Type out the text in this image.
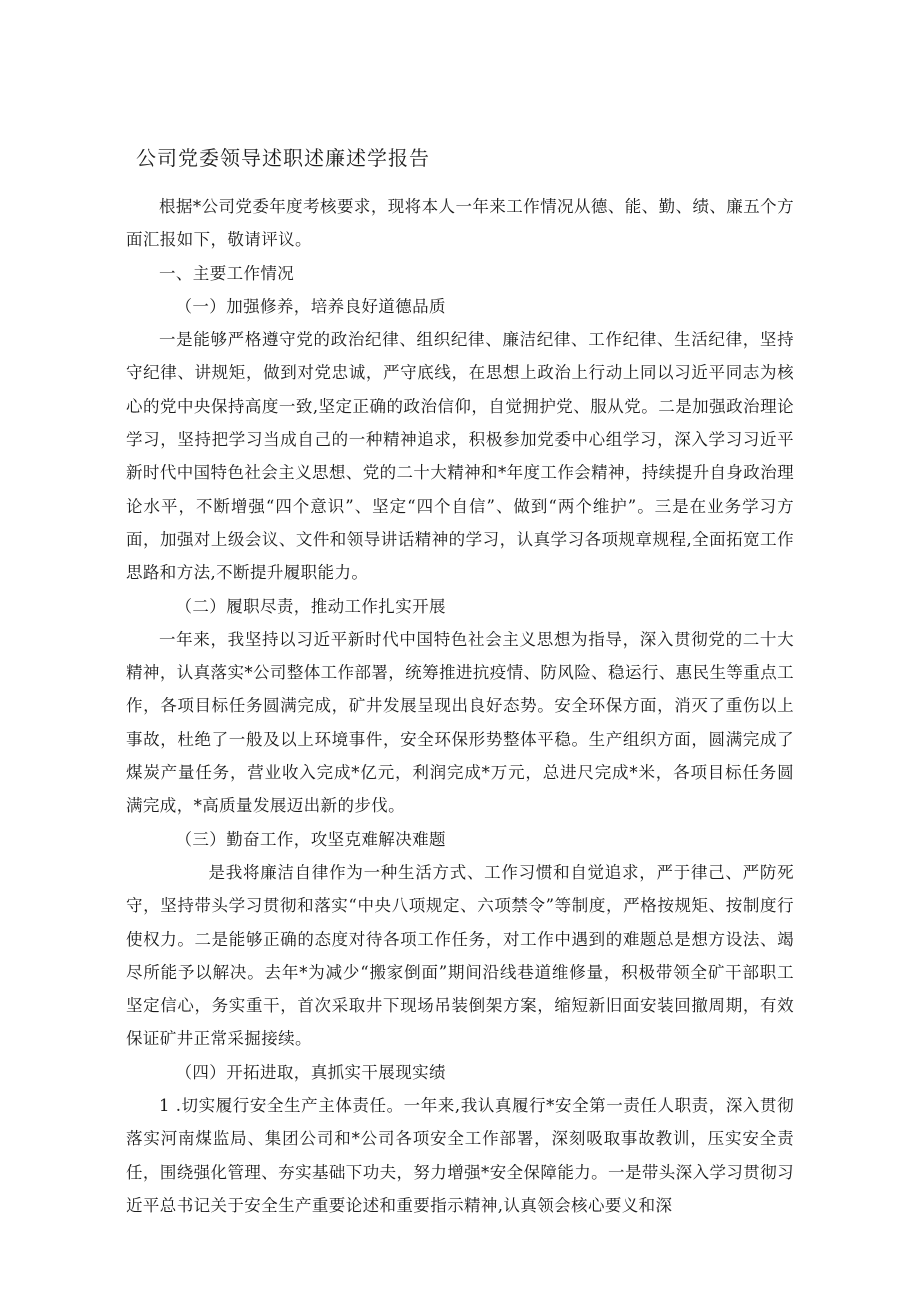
公司党委领导述职述廉述学报告

根据*公司党委年度考核要求，现将本人一年来工作情况从德、能、勤、绩、廉五个方面汇报如下，敬请评议。

一、主要工作情况

（一）加强修养，培养良好道德品质

一是能够严格遵守党的政治纪律、组织纪律、廉洁纪律、工作纪律、生活纪律，坚持守纪律、讲规矩，做到对党忠诚，严守底线，在思想上政治上行动上同以习近平同志为核心的党中央保持高度一致,坚定正确的政治信仰，自觉拥护党、服从党。二是加强政治理论学习，坚持把学习当成自己的一种精神追求，积极参加党委中心组学习，深入学习习近平新时代中国特色社会主义思想、党的二十大精神和*年度工作会精神，持续提升自身政治理论水平，不断增强“四个意识”、坚定“四个自信”、做到“两个维护”。三是在业务学习方面，加强对上级会议、文件和领导讲话精神的学习，认真学习各项规章规程,全面拓宽工作思路和方法,不断提升履职能力。

（二）履职尽责，推动工作扎实开展

一年来，我坚持以习近平新时代中国特色社会主义思想为指导，深入贯彻党的二十大精神，认真落实*公司整体工作部署，统筹推进抗疫情、防风险、稳运行、惠民生等重点工作，各项目标任务圆满完成，矿井发展呈现出良好态势。安全环保方面，消灭了重伤以上事故，杜绝了一般及以上环境事件，安全环保形势整体平稳。生产组织方面，圆满完成了煤炭产量任务，营业收入完成*亿元，利润完成*万元，总进尺完成*米，各项目标任务圆满完成，*高质量发展迈出新的步伐。

（三）勤奋工作，攻坚克难解决难题

是我将廉洁自律作为一种生活方式、工作习惯和自觉追求，严于律己、严防死守，坚持带头学习贯彻和落实“中央八项规定、六项禁令”等制度，严格按规矩、按制度行使权力。二是能够正确的态度对待各项工作任务，对工作中遇到的难题总是想方设法、竭尽所能予以解决。去年*为减少“搬家倒面”期间沿线巷道维修量，积极带领全矿干部职工坚定信心，务实重干，首次采取井下现场吊装倒架方案，缩短新旧面安装回撤周期，有效保证矿井正常采掘接续。

（四）开拓进取，真抓实干展现实绩

1 .切实履行安全生产主体责任。一年来,我认真履行*安全第一责任人职责，深入贯彻落实河南煤监局、集团公司和*公司各项安全工作部署，深刻吸取事故教训，压实安全责任，围绕强化管理、夯实基础下功夫，努力增强*安全保障能力。一是带头深入学习贯彻习近平总书记关于安全生产重要论述和重要指示精神,认真领会核心要义和深
